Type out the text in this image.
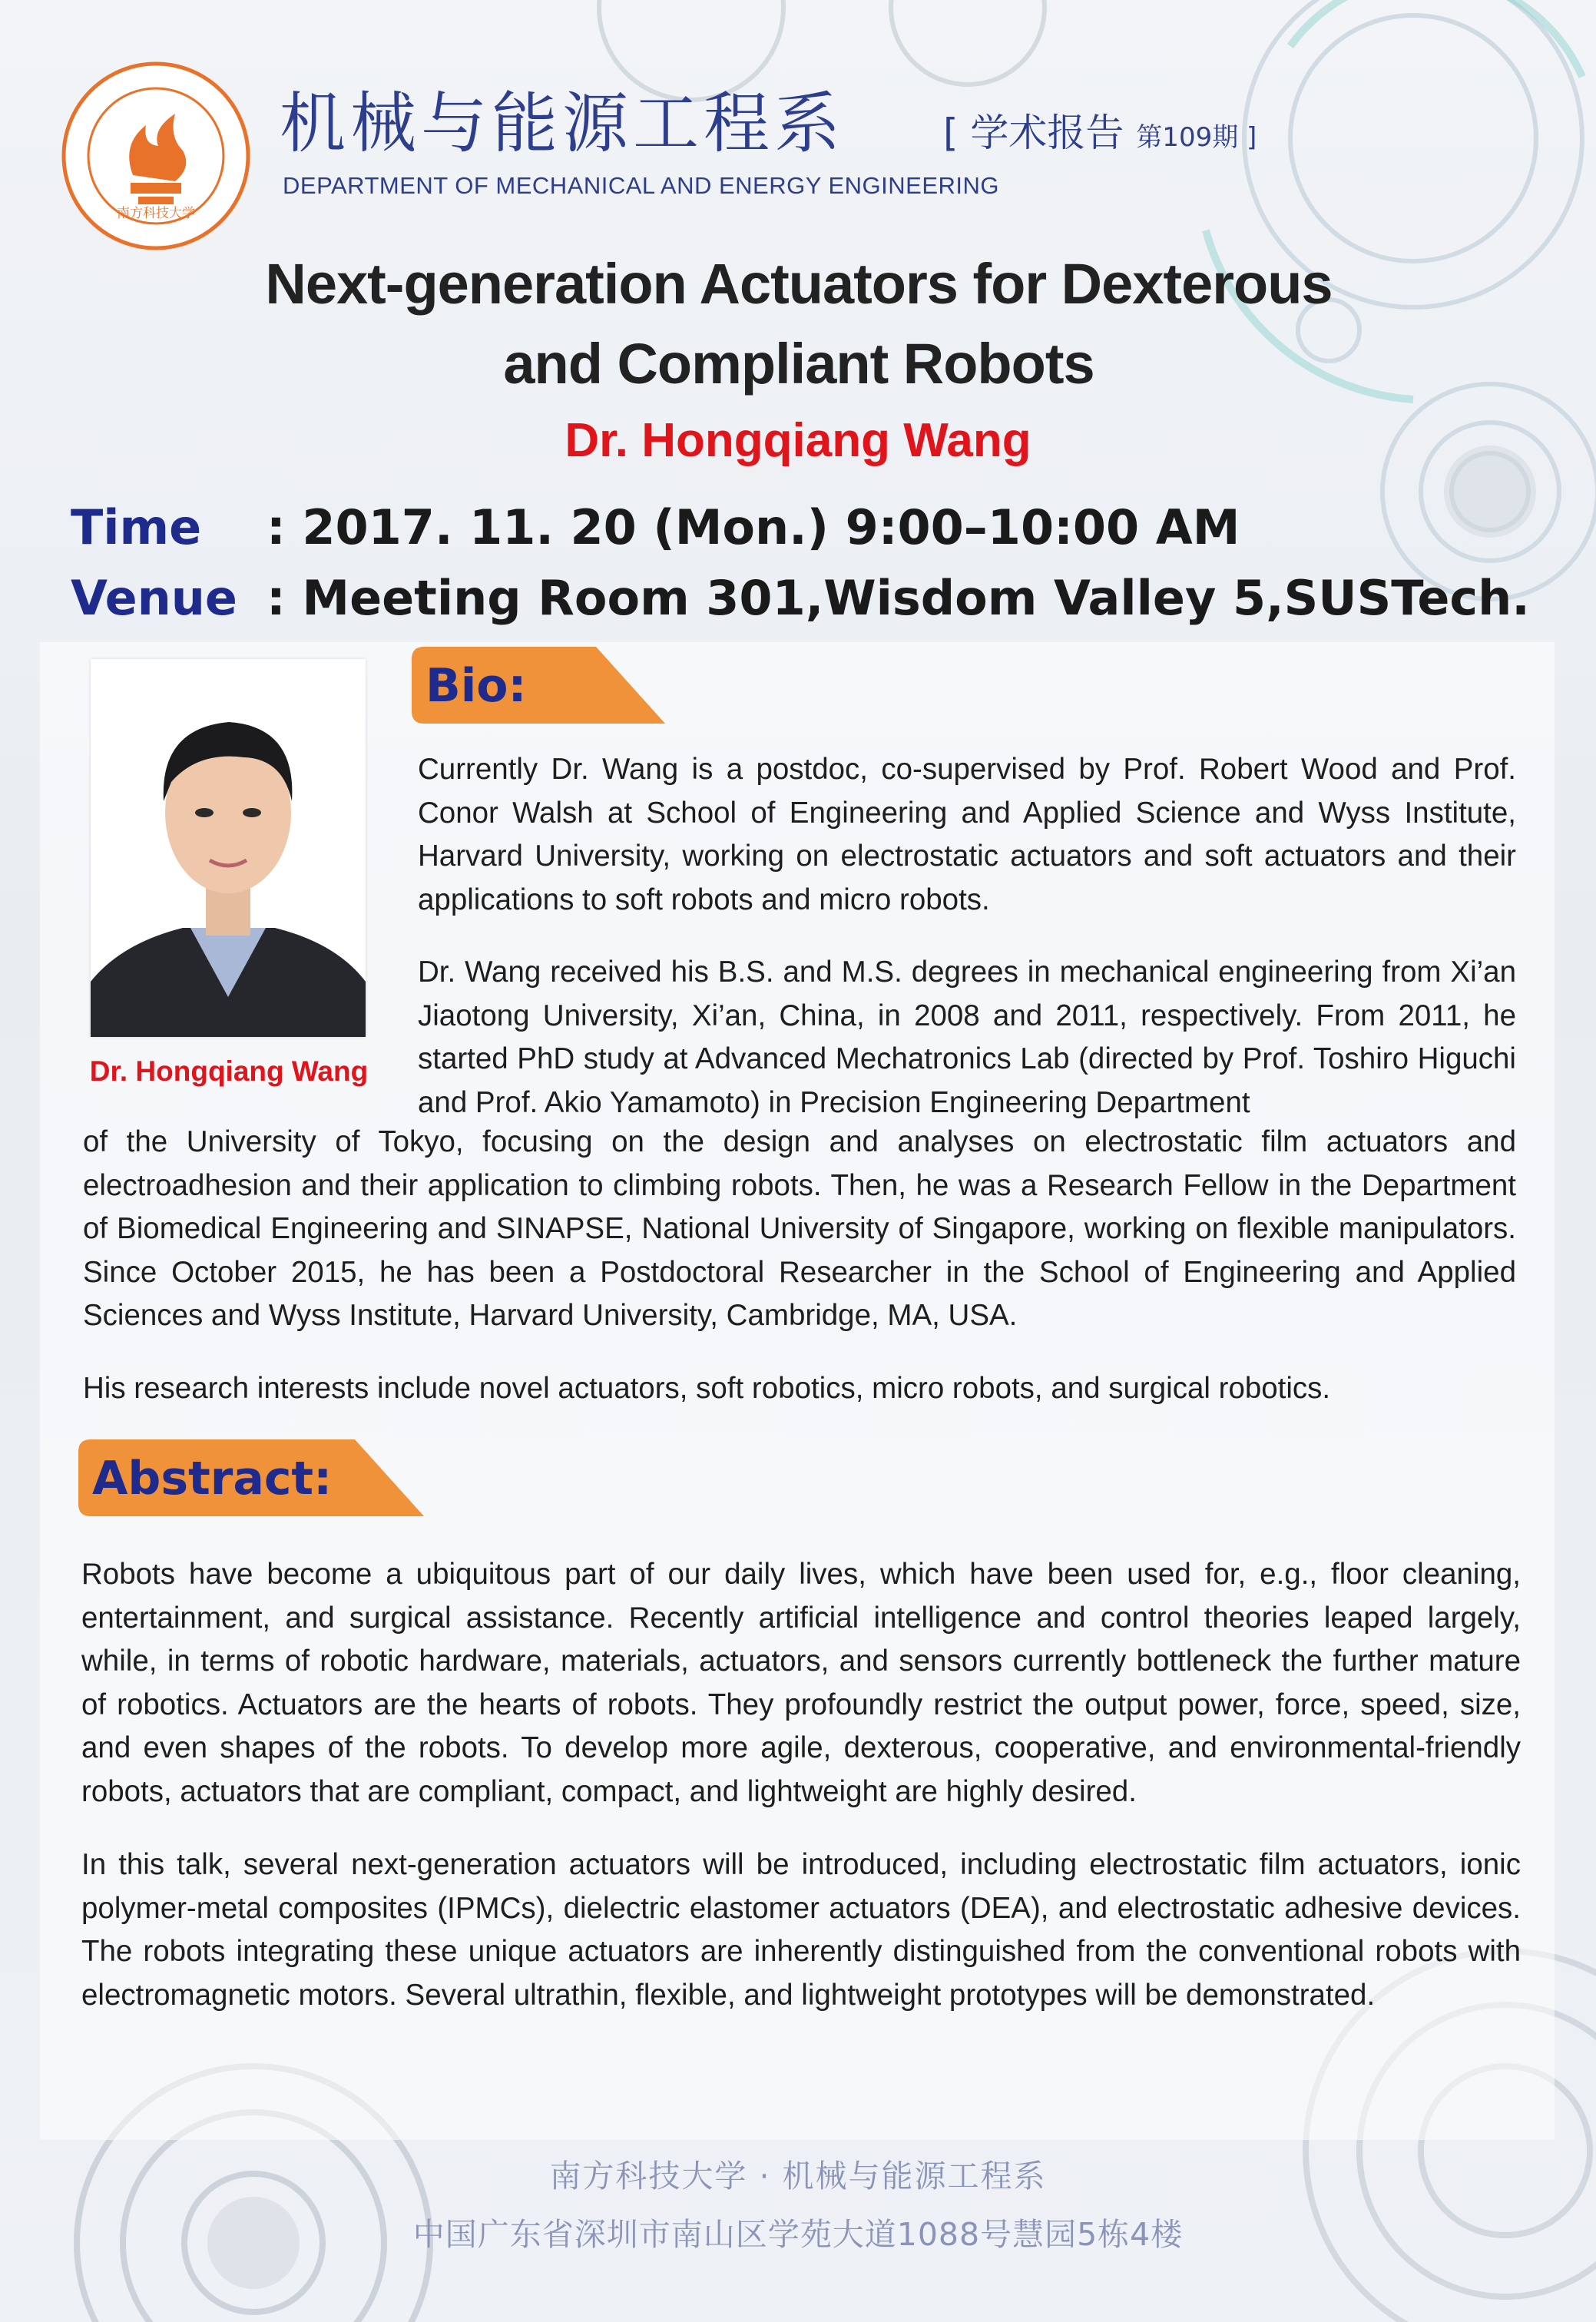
南方科技大学
机械与能源工程系	[ 学术报告 第109期 ]
DEPARTMENT OF MECHANICAL AND ENERGY ENGINEERING
Next-generation Actuators for Dexterous
and Compliant Robots
Dr. Hongqiang Wang
Time : 2017. 11. 20 (Mon.) 9:00–10:00 AM
Venue : Meeting Room 301,Wisdom Valley 5,SUSTech.
Dr. Hongqiang Wang
Bio:
Currently Dr. Wang is a postdoc, co-supervised by Prof. Robert Wood and Prof. Conor Walsh at School of Engineering and Applied Science and Wyss Institute, Harvard University, working on electrostatic actuators and soft actuators and their applications to soft robots and micro robots.
Dr. Wang received his B.S. and M.S. degrees in mechanical engineering from Xi’an Jiaotong University, Xi’an, China, in 2008 and 2011, respectively. From 2011, he started PhD study at Advanced Mechatronics Lab (directed by Prof. Toshiro Higuchi and Prof. Akio Yamamoto) in Precision Engineering Department
of the University of Tokyo, focusing on the design and analyses on electrostatic film actuators and electroadhesion and their application to climbing robots. Then, he was a Research Fellow in the Department of Biomedical Engineering and SINAPSE, National University of Singapore, working on flexible manipulators. Since October 2015, he has been a Postdoctoral Researcher in the School of Engineering and Applied Sciences and Wyss Institute, Harvard University, Cambridge, MA, USA.
His research interests include novel actuators, soft robotics, micro robots, and surgical robotics.
Abstract:
Robots have become a ubiquitous part of our daily lives, which have been used for, e.g., floor cleaning, entertainment, and surgical assistance. Recently artificial intelligence and control theories leaped largely, while, in terms of robotic hardware, materials, actuators, and sensors currently bottleneck the further mature of robotics. Actuators are the hearts of robots. They profoundly restrict the output power, force, speed, size, and even shapes of the robots. To develop more agile, dexterous, cooperative, and environmental-friendly robots, actuators that are compliant, compact, and lightweight are highly desired.
In this talk, several next-generation actuators will be introduced, including electrostatic film actuators, ionic polymer-metal composites (IPMCs), dielectric elastomer actuators (DEA), and electrostatic adhesive devices. The robots integrating these unique actuators are inherently distinguished from the conventional robots with electromagnetic motors. Several ultrathin, flexible, and lightweight prototypes will be demonstrated.
南方科技大学 · 机械与能源工程系
中国广东省深圳市南山区学苑大道1088号慧园5栋4楼
